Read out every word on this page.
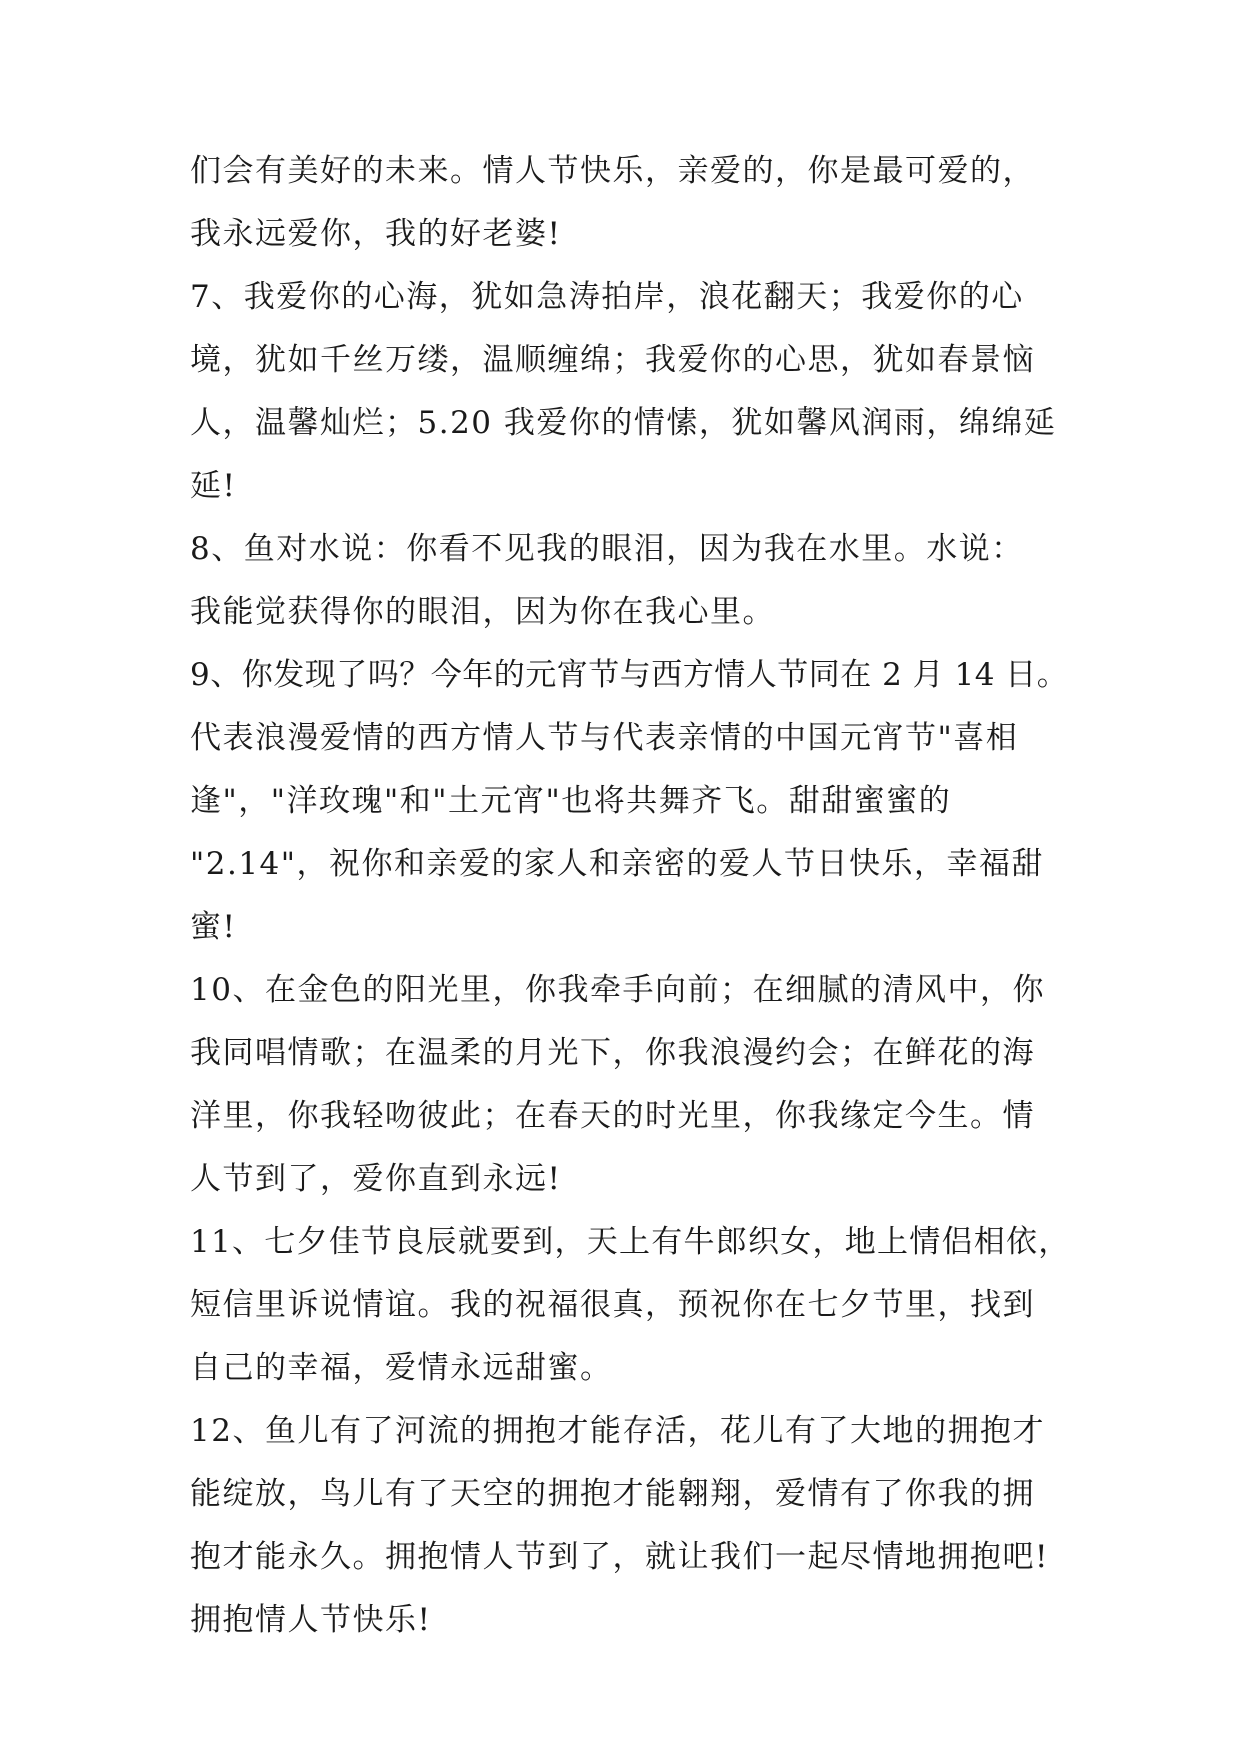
们会有美好的未来。情人节快乐，亲爱的，你是最可爱的，
我永远爱你，我的好老婆!
7、我爱你的心海，犹如急涛拍岸，浪花翻天；我爱你的心
境，犹如千丝万缕，温顺缠绵；我爱你的心思，犹如春景恼
人，温馨灿烂；5.20 我爱你的情愫，犹如馨风润雨，绵绵延
延!
8、鱼对水说：你看不见我的眼泪，因为我在水里。水说：
我能觉获得你的眼泪，因为你在我心里。
9、你发现了吗？今年的元宵节与西方情人节同在 2 月 14 日。
代表浪漫爱情的西方情人节与代表亲情的中国元宵节"喜相
逢"，"洋玫瑰"和"土元宵"也将共舞齐飞。甜甜蜜蜜的
"2.14"，祝你和亲爱的家人和亲密的爱人节日快乐，幸福甜
蜜!
10、在金色的阳光里，你我牵手向前；在细腻的清风中，你
我同唱情歌；在温柔的月光下，你我浪漫约会；在鲜花的海
洋里，你我轻吻彼此；在春天的时光里，你我缘定今生。情
人节到了，爱你直到永远!
11、七夕佳节良辰就要到，天上有牛郎织女，地上情侣相依，
短信里诉说情谊。我的祝福很真，预祝你在七夕节里，找到
自己的幸福，爱情永远甜蜜。
12、鱼儿有了河流的拥抱才能存活，花儿有了大地的拥抱才
能绽放，鸟儿有了天空的拥抱才能翱翔，爱情有了你我的拥
抱才能永久。拥抱情人节到了，就让我们一起尽情地拥抱吧!
拥抱情人节快乐!
